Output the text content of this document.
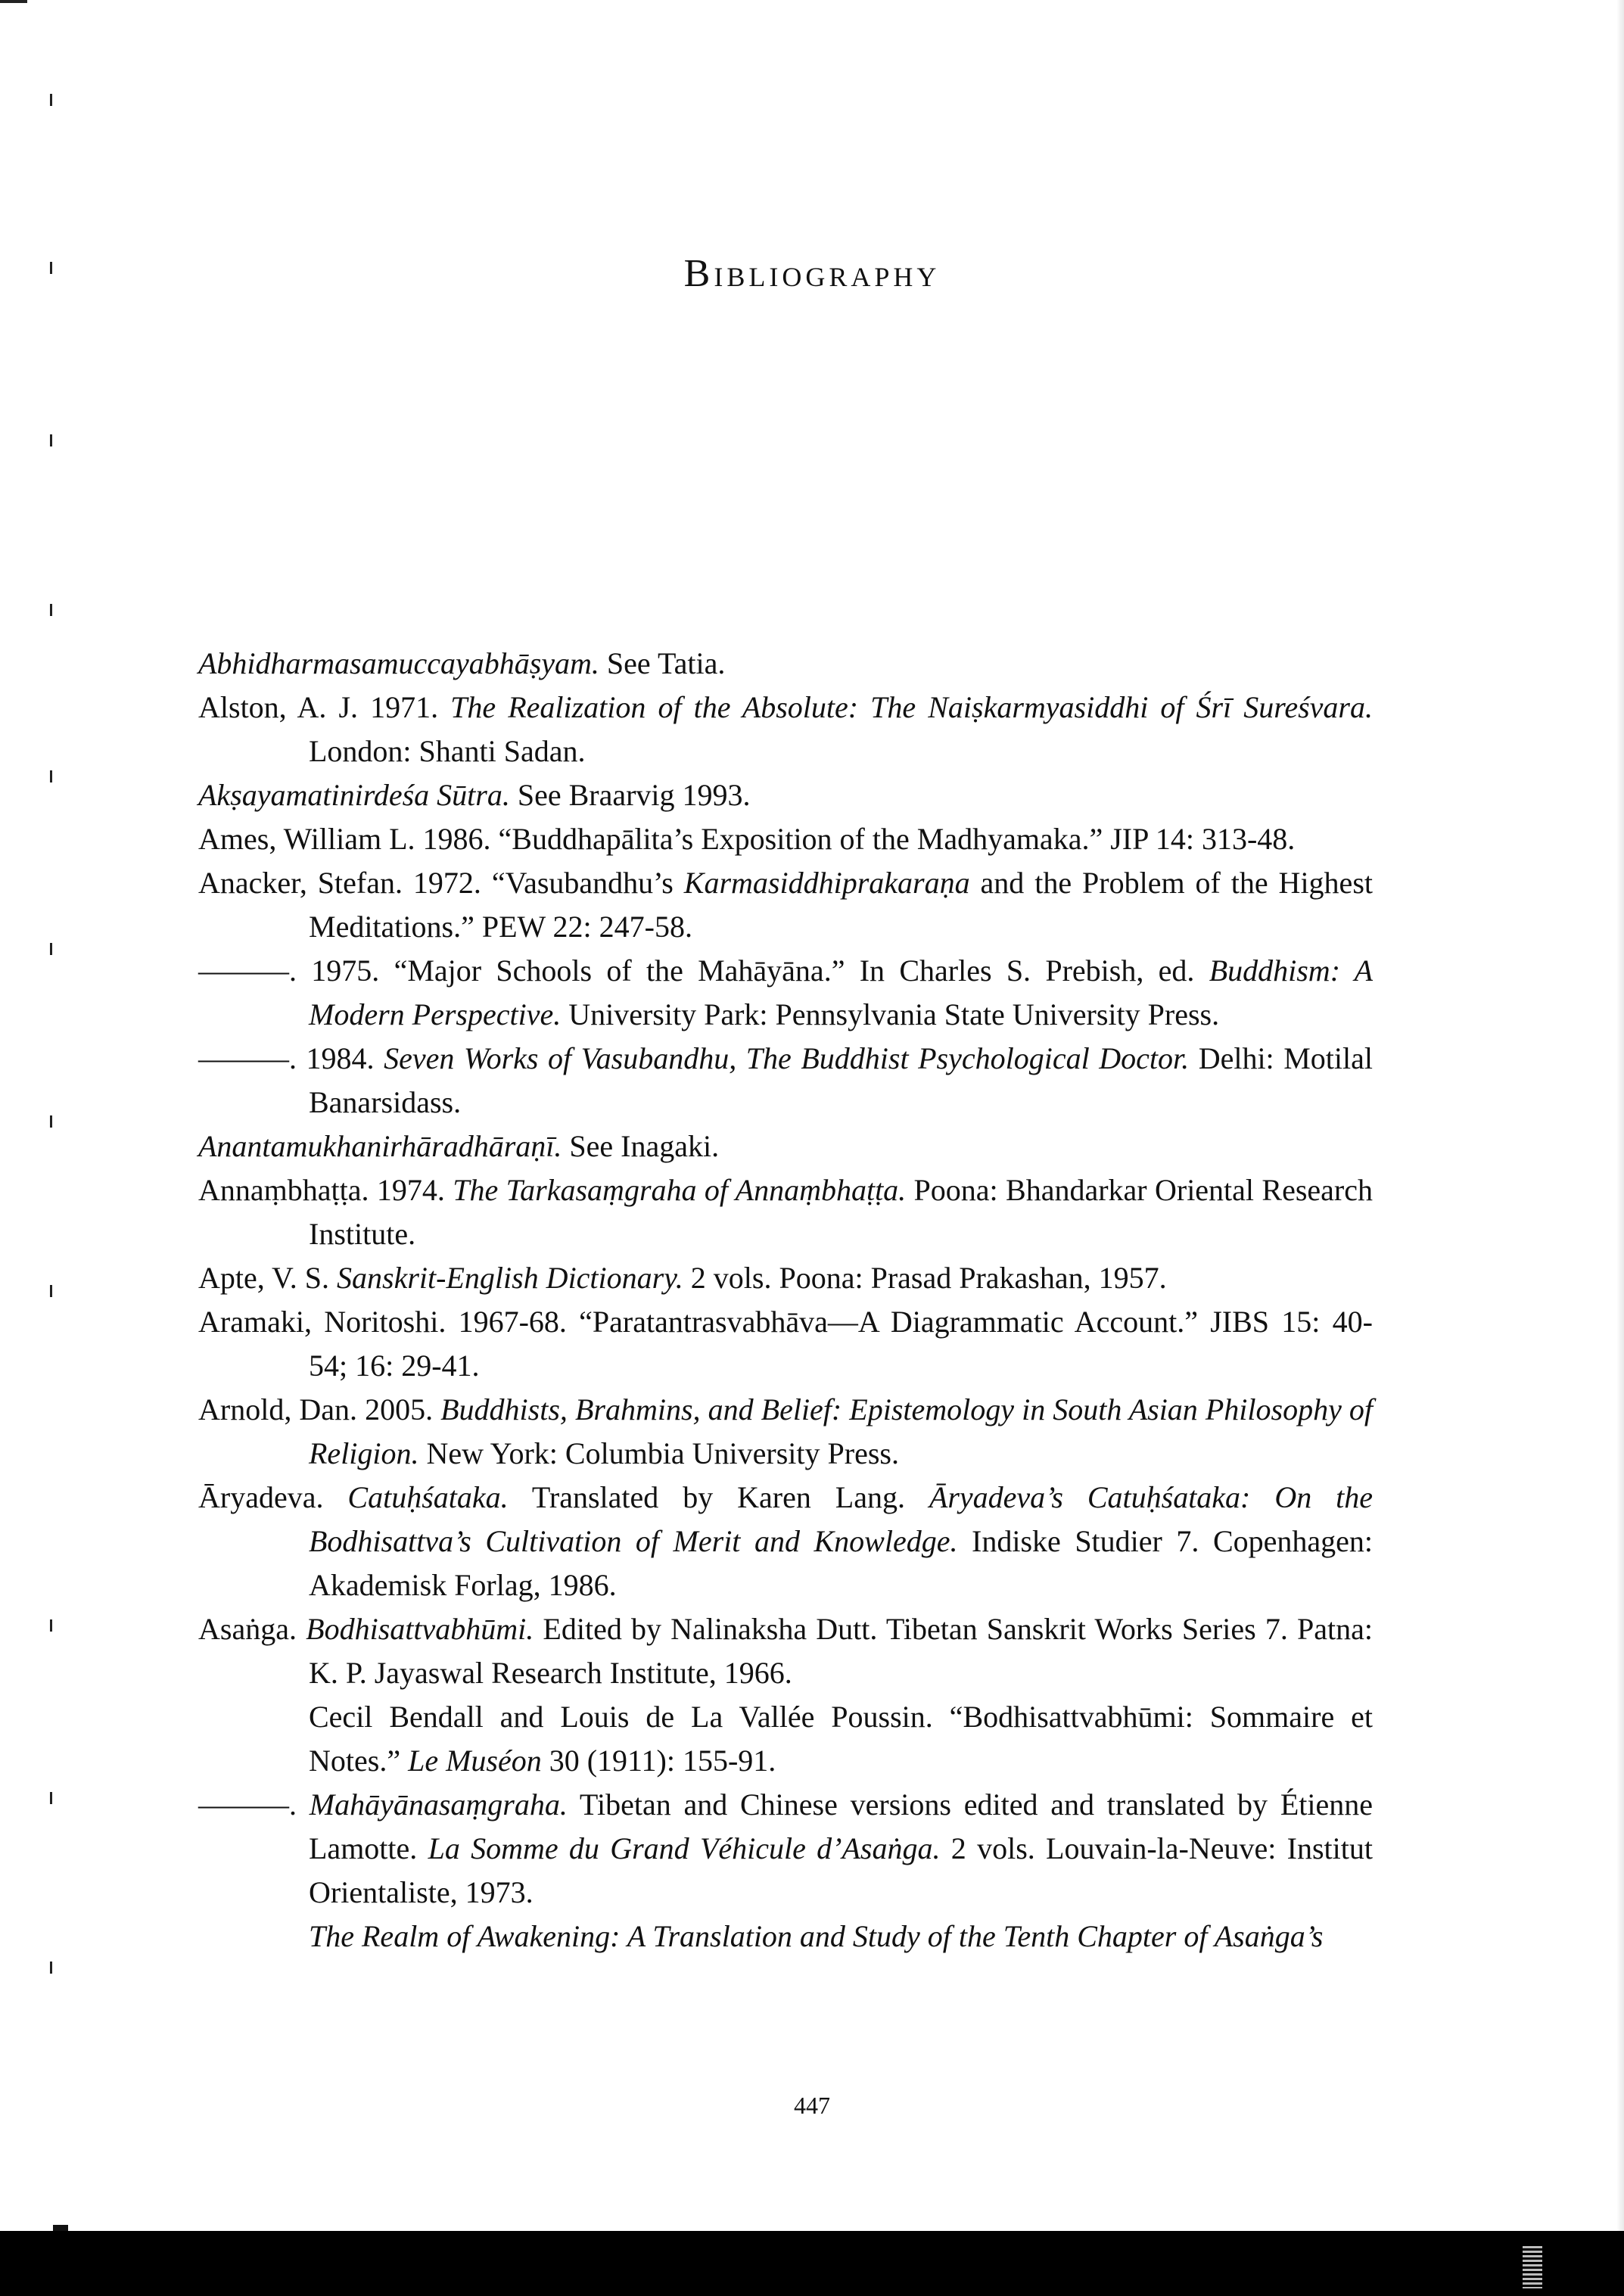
Bibliography

Abhidharmasamuccayabhāṣyam. See Tatia.

Alston, A. J. 1971. The Realization of the Absolute: The Naiṣkarmyasiddhi of Śrī Sureśvara. London: Shanti Sadan.

Akṣayamatinirdeśa Sūtra. See Braarvig 1993.

Ames, William L. 1986. “Buddhapālita’s Exposition of the Madhyamaka.” JIP 14: 313-48.

Anacker, Stefan. 1972. “Vasubandhu’s Karmasiddhiprakaraṇa and the Problem of the Highest Meditations.” PEW 22: 247-58.

———. 1975. “Major Schools of the Mahāyāna.” In Charles S. Prebish, ed. Buddhism: A Modern Perspective. University Park: Pennsylvania State University Press.

———. 1984. Seven Works of Vasubandhu, The Buddhist Psychological Doctor. Delhi: Motilal Banarsidass.

Anantamukhanirhāradhāraṇī. See Inagaki.

Annaṃbhaṭṭa. 1974. The Tarkasaṃgraha of Annaṃbhaṭṭa. Poona: Bhandarkar Oriental Research Institute.

Apte, V. S. Sanskrit-English Dictionary. 2 vols. Poona: Prasad Prakashan, 1957.

Aramaki, Noritoshi. 1967-68. “Paratantrasvabhāva—A Diagrammatic Account.” JIBS 15: 40-54; 16: 29-41.

Arnold, Dan. 2005. Buddhists, Brahmins, and Belief: Epistemology in South Asian Philosophy of Religion. New York: Columbia University Press.

Āryadeva. Catuḥśataka. Translated by Karen Lang. Āryadeva’s Catuḥśataka: On the Bodhisattva’s Cultivation of Merit and Knowledge. Indiske Studier 7. Copenhagen: Akademisk Forlag, 1986.

Asaṅga. Bodhisattvabhūmi. Edited by Nalinaksha Dutt. Tibetan Sanskrit Works Series 7. Patna: K. P. Jayaswal Research Institute, 1966.

Cecil Bendall and Louis de La Vallée Poussin. “Bodhisattvabhūmi: Sommaire et Notes.” Le Muséon 30 (1911): 155-91.

———. Mahāyānasaṃgraha. Tibetan and Chinese versions edited and translated by Étienne Lamotte. La Somme du Grand Véhicule d’Asaṅga. 2 vols. Louvain-la-Neuve: Institut Orientaliste, 1973.

The Realm of Awakening: A Translation and Study of the Tenth Chapter of Asaṅga’s

447
